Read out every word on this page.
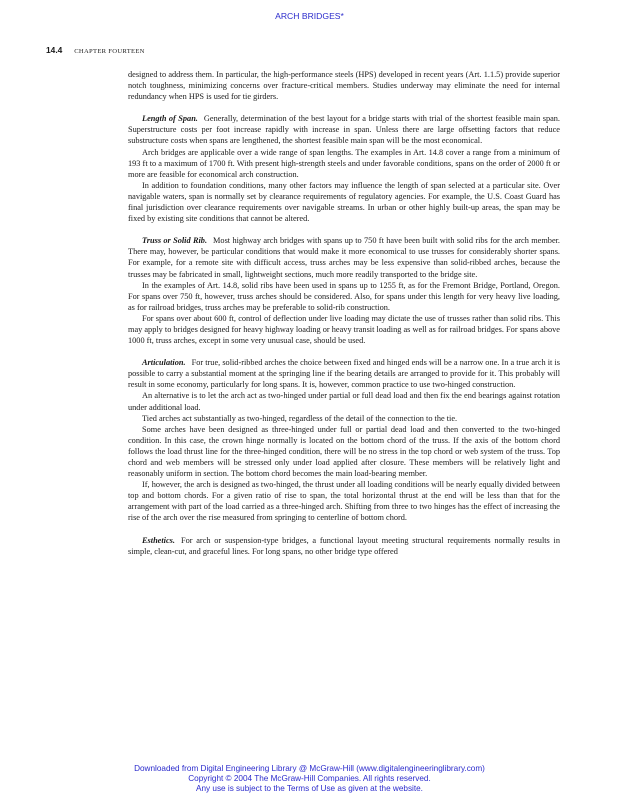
ARCH BRIDGES*
14.4 CHAPTER FOURTEEN

designed to address them. In particular, the high-performance steels (HPS) developed in recent years (Art. 1.1.5) provide superior notch toughness, minimizing concerns over fracture-critical members. Studies underway may eliminate the need for internal redundancy when HPS is used for tie girders.

Length of Span. Generally, determination of the best layout for a bridge starts with trial of the shortest feasible main span. Superstructure costs per foot increase rapidly with increase in span. Unless there are large offsetting factors that reduce substructure costs when spans are lengthened, the shortest feasible main span will be the most economical.

Arch bridges are applicable over a wide range of span lengths. The examples in Art. 14.8 cover a range from a minimum of 193 ft to a maximum of 1700 ft. With present high-strength steels and under favorable conditions, spans on the order of 2000 ft or more are feasible for economical arch construction.

In addition to foundation conditions, many other factors may influence the length of span selected at a particular site. Over navigable waters, span is normally set by clearance requirements of regulatory agencies. For example, the U.S. Coast Guard has final jurisdiction over clearance requirements over navigable streams. In urban or other highly built-up areas, the span may be fixed by existing site conditions that cannot be altered.

Truss or Solid Rib. Most highway arch bridges with spans up to 750 ft have been built with solid ribs for the arch member. There may, however, be particular conditions that would make it more economical to use trusses for considerably shorter spans. For example, for a remote site with difficult access, truss arches may be less expensive than solid-ribbed arches, because the trusses may be fabricated in small, lightweight sections, much more readily transported to the bridge site.

In the examples of Art. 14.8, solid ribs have been used in spans up to 1255 ft, as for the Fremont Bridge, Portland, Oregon. For spans over 750 ft, however, truss arches should be considered. Also, for spans under this length for very heavy live loading, as for railroad bridges, truss arches may be preferable to solid-rib construction.

For spans over about 600 ft, control of deflection under live loading may dictate the use of trusses rather than solid ribs. This may apply to bridges designed for heavy highway loading or heavy transit loading as well as for railroad bridges. For spans above 1000 ft, truss arches, except in some very unusual case, should be used.

Articulation. For true, solid-ribbed arches the choice between fixed and hinged ends will be a narrow one. In a true arch it is possible to carry a substantial moment at the springing line if the bearing details are arranged to provide for it. This probably will result in some economy, particularly for long spans. It is, however, common practice to use two-hinged construction.

An alternative is to let the arch act as two-hinged under partial or full dead load and then fix the end bearings against rotation under additional load.

Tied arches act substantially as two-hinged, regardless of the detail of the connection to the tie.

Some arches have been designed as three-hinged under full or partial dead load and then converted to the two-hinged condition. In this case, the crown hinge normally is located on the bottom chord of the truss. If the axis of the bottom chord follows the load thrust line for the three-hinged condition, there will be no stress in the top chord or web system of the truss. Top chord and web members will be stressed only under load applied after closure. These members will be relatively light and reasonably uniform in section. The bottom chord becomes the main load-bearing member.

If, however, the arch is designed as two-hinged, the thrust under all loading conditions will be nearly equally divided between top and bottom chords. For a given ratio of rise to span, the total horizontal thrust at the end will be less than that for the arrangement with part of the load carried as a three-hinged arch. Shifting from three to two hinges has the effect of increasing the rise of the arch over the rise measured from springing to centerline of bottom chord.

Esthetics. For arch or suspension-type bridges, a functional layout meeting structural requirements normally results in simple, clean-cut, and graceful lines. For long spans, no other bridge type offered

Downloaded from Digital Engineering Library @ McGraw-Hill (www.digitalengineeringlibrary.com)
Copyright © 2004 The McGraw-Hill Companies. All rights reserved.
Any use is subject to the Terms of Use as given at the website.
